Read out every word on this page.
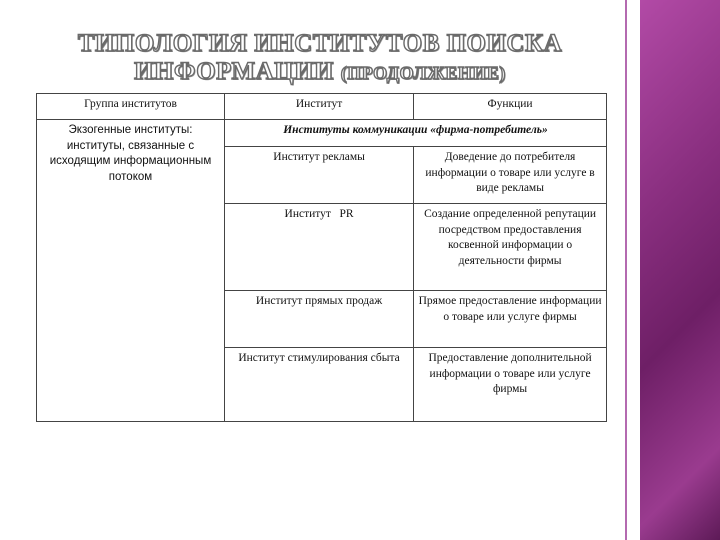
ТИПОЛОГИЯ ИНСТИТУТОВ ПОИСКА
ИНФОРМАЦИИ (ПРОДОЛЖЕНИЕ)
Группа институтов	Институт	Функции
Экзогенные институты: институты, связанные с исходящим информационным потоком	Институты коммуникации «фирма-потребитель»	
	Институт рекламы	Доведение до потребителя информации о товаре или услуге в виде рекламы
	Институт   PR	Создание определенной репутации посредством предоставления косвенной информации о деятельности фирмы
	Институт прямых продаж	Прямое предоставление информации о товаре или услуге фирмы
	Институт стимулирования сбыта	Предоставление дополнительной информации о товаре или услуге фирмы
